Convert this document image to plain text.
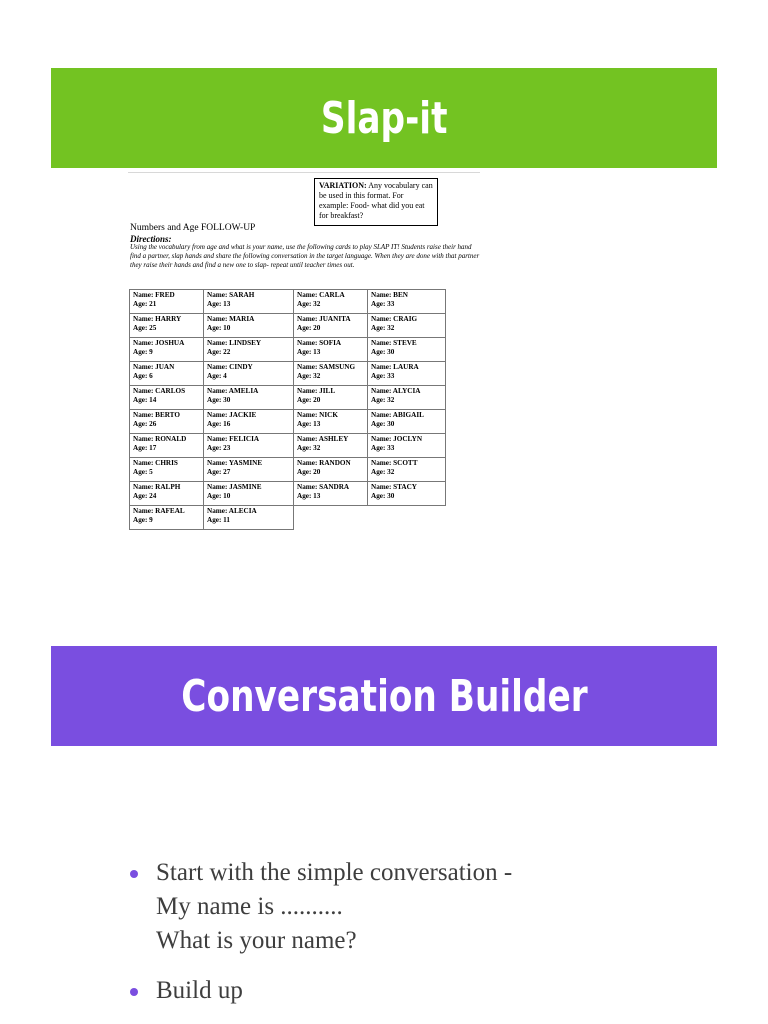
Slap-it
VARIATION: Any vocabulary can be used in this format. For example: Food- what did you eat for breakfast?
Numbers and Age FOLLOW-UP
Directions:
Using the vocabulary from age and what is your name, use the following cards to play SLAP IT! Students raise their hand find a partner, slap hands and share the following conversation in the target language. When they are done with that partner they raise their hands and find a new one to slap- repeat until teacher times out.
Name: FRED
Age: 21	Name: SARAH
Age: 13	Name: CARLA
Age: 32	Name: BEN
Age: 33

Name: HARRY
Age: 25	Name: MARIA
Age: 10	Name: JUANITA
Age: 20	Name: CRAIG
Age: 32

Name: JOSHUA
Age: 9	Name: LINDSEY
Age: 22	Name: SOFIA
Age: 13	Name: STEVE
Age: 30

Name: JUAN
Age: 6	Name: CINDY
Age: 4	Name: SAMSUNG
Age: 32	Name: LAURA
Age: 33

Name: CARLOS
Age: 14	Name: AMELIA
Age: 30	Name: JILL
Age: 20	Name: ALYCIA
Age: 32

Name: BERTO
Age: 26	Name: JACKIE
Age: 16	Name: NICK
Age: 13	Name: ABIGAIL
Age: 30

Name: RONALD
Age: 17	Name: FELICIA
Age: 23	Name: ASHLEY
Age: 32	Name: JOCLYN
Age: 33

Name: CHRIS
Age: 5	Name: YASMINE
Age: 27	Name: RANDON
Age: 20	Name: SCOTT
Age: 32

Name: RALPH
Age: 24	Name: JASMINE
Age: 10	Name: SANDRA
Age: 13	Name: STACY
Age: 30

Name: RAFEAL
Age: 9	Name: ALECIA
Age: 11		

Conversation Builder
Start with the simple conversation -
My name is ..........
What is your name?
Build up
